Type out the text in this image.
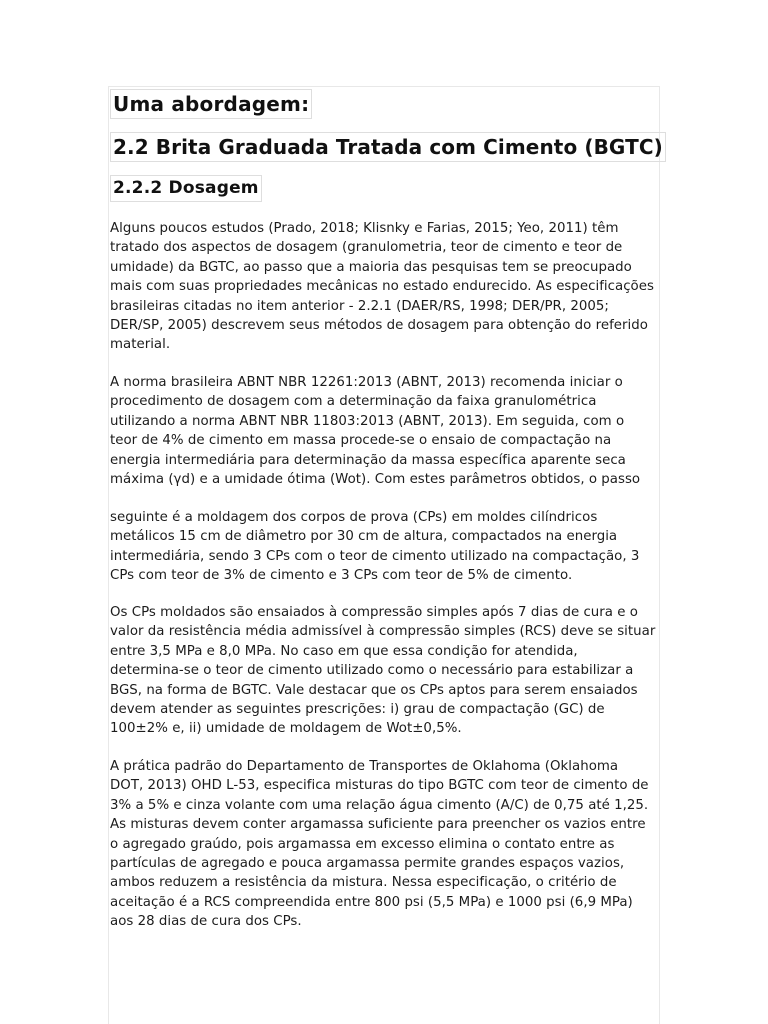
Uma abordagem:
2.2 Brita Graduada Tratada com Cimento (BGTC)
2.2.2 Dosagem

Alguns poucos estudos (Prado, 2018; Klisnky e Farias, 2015; Yeo, 2011) têm
tratado dos aspectos de dosagem (granulometria, teor de cimento e teor de
umidade) da BGTC, ao passo que a maioria das pesquisas tem se preocupado
mais com suas propriedades mecânicas no estado endurecido. As especificações
brasileiras citadas no item anterior - 2.2.1 (DAER/RS, 1998; DER/PR, 2005;
DER/SP, 2005) descrevem seus métodos de dosagem para obtenção do referido
material.

A norma brasileira ABNT NBR 12261:2013 (ABNT, 2013) recomenda iniciar o
procedimento de dosagem com a determinação da faixa granulométrica
utilizando a norma ABNT NBR 11803:2013 (ABNT, 2013). Em seguida, com o
teor de 4% de cimento em massa procede-se o ensaio de compactação na
energia intermediária para determinação da massa específica aparente seca
máxima (γd) e a umidade ótima (Wot). Com estes parâmetros obtidos, o passo

seguinte é a moldagem dos corpos de prova (CPs) em moldes cilíndricos
metálicos 15 cm de diâmetro por 30 cm de altura, compactados na energia
intermediária, sendo 3 CPs com o teor de cimento utilizado na compactação, 3
CPs com teor de 3% de cimento e 3 CPs com teor de 5% de cimento.

Os CPs moldados são ensaiados à compressão simples após 7 dias de cura e o
valor da resistência média admissível à compressão simples (RCS) deve se situar
entre 3,5 MPa e 8,0 MPa. No caso em que essa condição for atendida,
determina-se o teor de cimento utilizado como o necessário para estabilizar a
BGS, na forma de BGTC. Vale destacar que os CPs aptos para serem ensaiados
devem atender as seguintes prescrições: i) grau de compactação (GC) de
100±2% e, ii) umidade de moldagem de Wot±0,5%.

A prática padrão do Departamento de Transportes de Oklahoma (Oklahoma
DOT, 2013) OHD L-53, especifica misturas do tipo BGTC com teor de cimento de
3% a 5% e cinza volante com uma relação água cimento (A/C) de 0,75 até 1,25.
As misturas devem conter argamassa suficiente para preencher os vazios entre
o agregado graúdo, pois argamassa em excesso elimina o contato entre as
partículas de agregado e pouca argamassa permite grandes espaços vazios,
ambos reduzem a resistência da mistura. Nessa especificação, o critério de
aceitação é a RCS compreendida entre 800 psi (5,5 MPa) e 1000 psi (6,9 MPa)
aos 28 dias de cura dos CPs.
